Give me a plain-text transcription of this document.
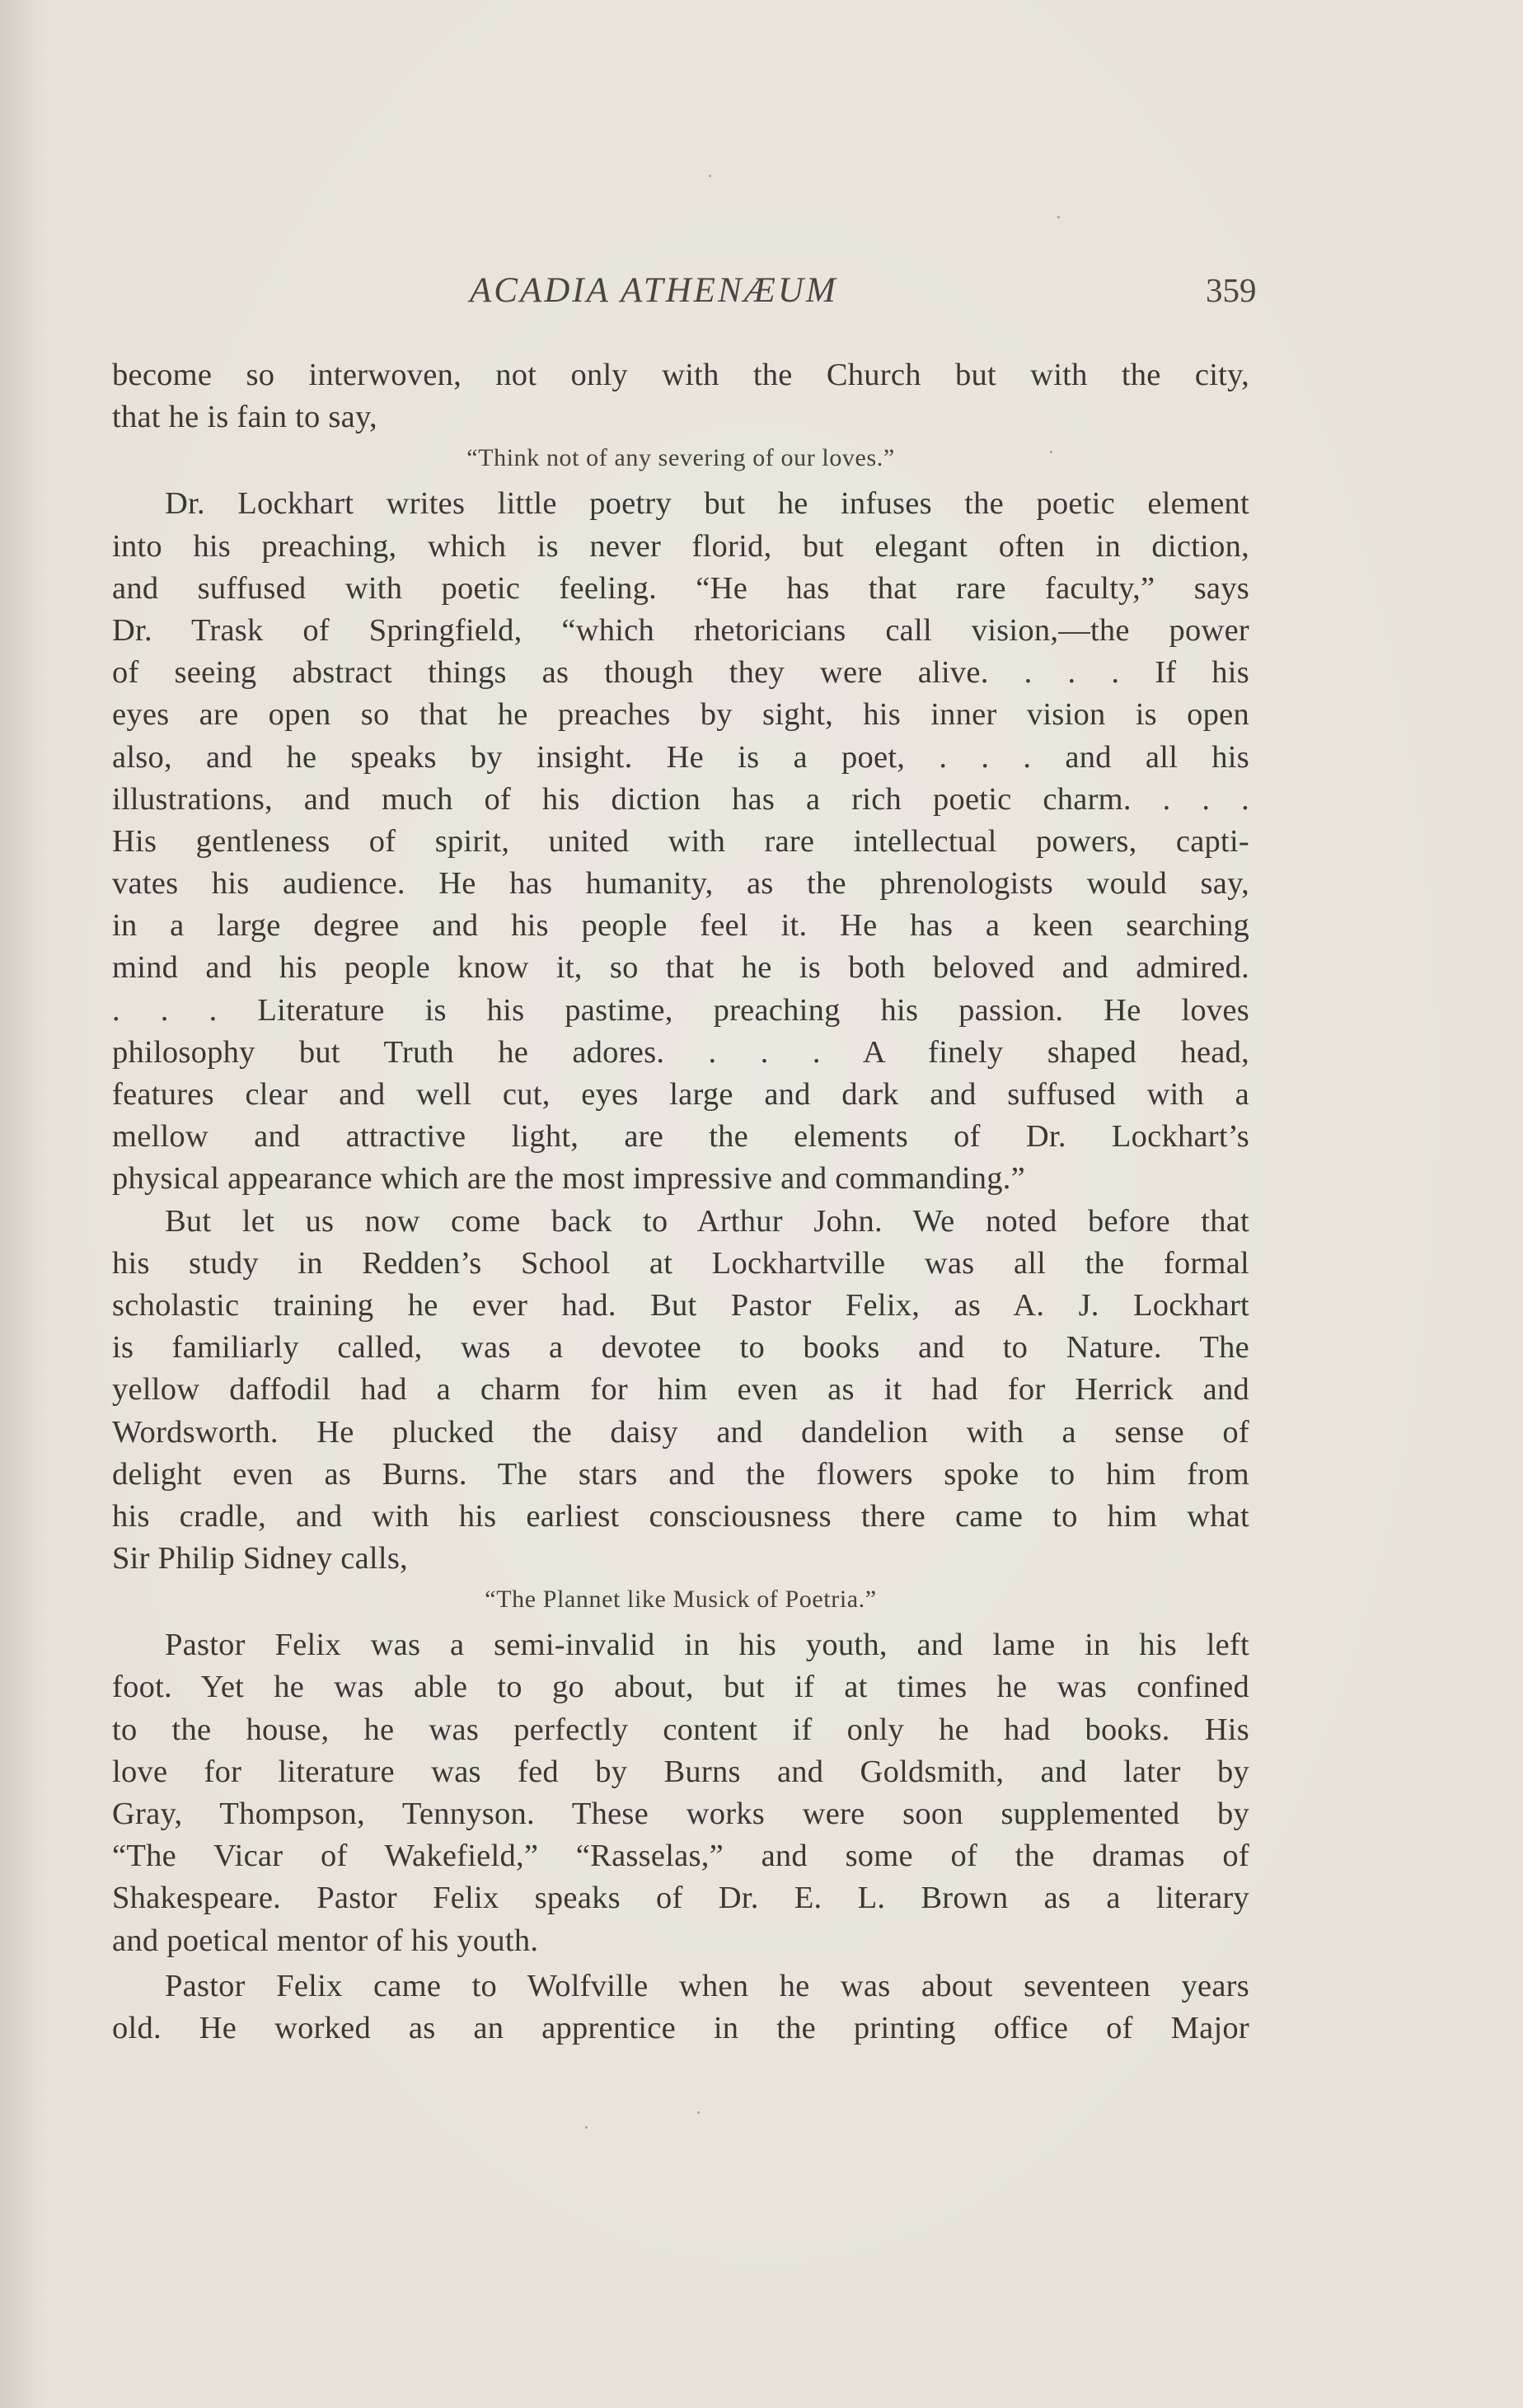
ACADIA ATHENÆUM	359
become so interwoven, not only with the Church but with the city,
that he is fain to say,
“Think not of any severing of our loves.”
Dr. Lockhart writes little poetry but he infuses the poetic element
into his preaching, which is never florid, but elegant often in diction,
and suffused with poetic feeling. “He has that rare faculty,” says
Dr. Trask of Springfield, “which rhetoricians call vision,—the power
of seeing abstract things as though they were alive. . . . If his
eyes are open so that he preaches by sight, his inner vision is open
also, and he speaks by insight. He is a poet, . . . and all his
illustrations, and much of his diction has a rich poetic charm. . . .
His gentleness of spirit, united with rare intellectual powers, capti-
vates his audience. He has humanity, as the phrenologists would say,
in a large degree and his people feel it. He has a keen searching
mind and his people know it, so that he is both beloved and admired.
. . . Literature is his pastime, preaching his passion. He loves
philosophy but Truth he adores. . . . A finely shaped head,
features clear and well cut, eyes large and dark and suffused with a
mellow and attractive light, are the elements of Dr. Lockhart’s
physical appearance which are the most impressive and commanding.”
But let us now come back to Arthur John. We noted before that
his study in Redden’s School at Lockhartville was all the formal
scholastic training he ever had. But Pastor Felix, as A. J. Lockhart
is familiarly called, was a devotee to books and to Nature. The
yellow daffodil had a charm for him even as it had for Herrick and
Wordsworth. He plucked the daisy and dandelion with a sense of
delight even as Burns. The stars and the flowers spoke to him from
his cradle, and with his earliest consciousness there came to him what
Sir Philip Sidney calls,
“The Plannet like Musick of Poetria.”
Pastor Felix was a semi-invalid in his youth, and lame in his left
foot. Yet he was able to go about, but if at times he was confined
to the house, he was perfectly content if only he had books. His
love for literature was fed by Burns and Goldsmith, and later by
Gray, Thompson, Tennyson. These works were soon supplemented by
“The Vicar of Wakefield,” “Rasselas,” and some of the dramas of
Shakespeare. Pastor Felix speaks of Dr. E. L. Brown as a literary
and poetical mentor of his youth.
Pastor Felix came to Wolfville when he was about seventeen years
old. He worked as an apprentice in the printing office of Major
